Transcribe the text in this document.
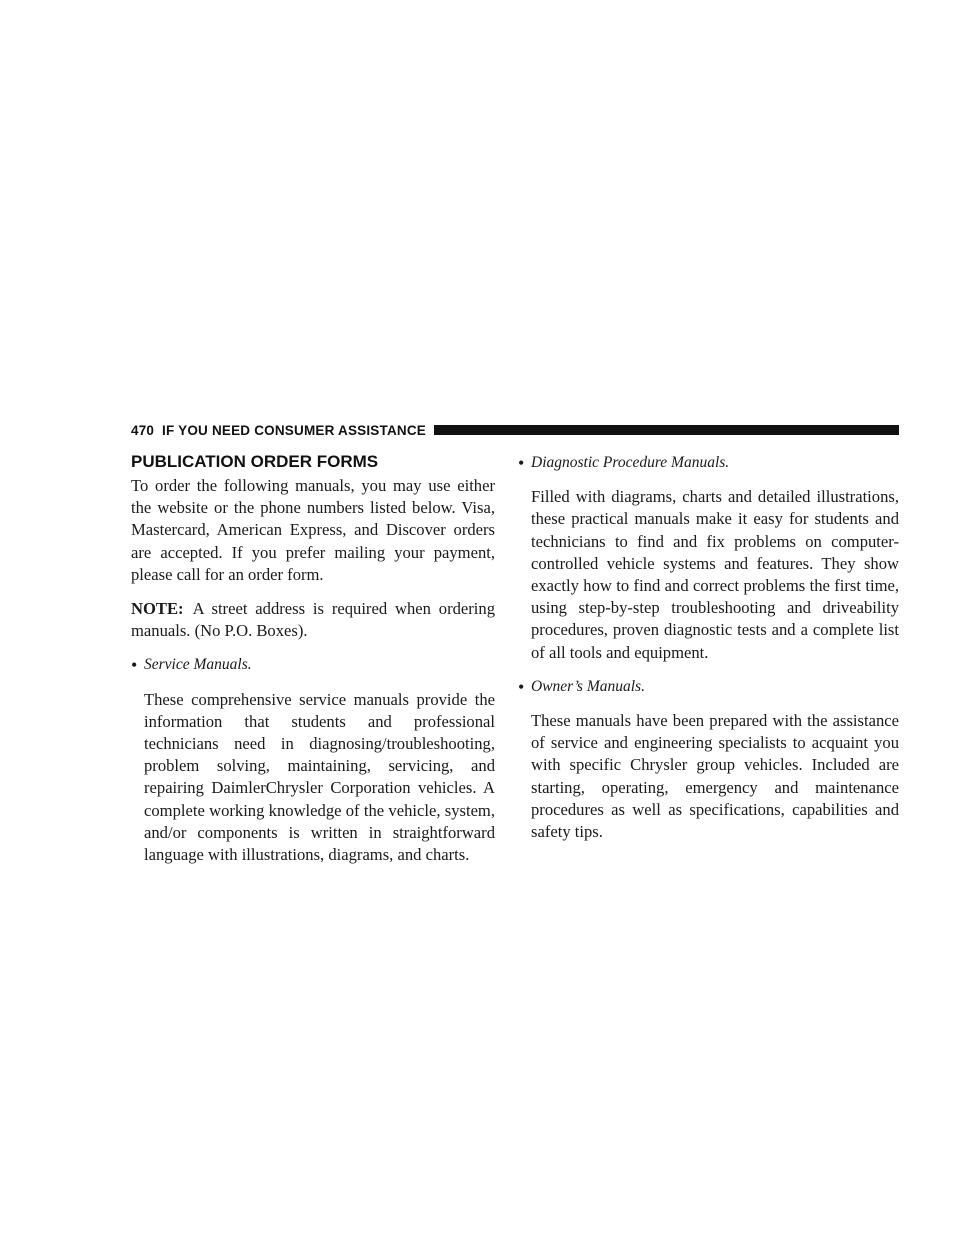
470 IF YOU NEED CONSUMER ASSISTANCE
PUBLICATION ORDER FORMS

To order the following manuals, you may use either the website or the phone numbers listed below. Visa, Mastercard, American Express, and Discover orders are accepted. If you prefer mailing your payment, please call for an order form.

NOTE: A street address is required when ordering manuals. (No P.O. Boxes).

• Service Manuals.

These comprehensive service manuals provide the information that students and professional technicians need in diagnosing/troubleshooting, problem solving, maintaining, servicing, and repairing DaimlerChrysler Corporation vehicles. A complete working knowledge of the vehicle, system, and/or components is written in straightforward language with illustrations, diagrams, and charts.

• Diagnostic Procedure Manuals.

Filled with diagrams, charts and detailed illustrations, these practical manuals make it easy for students and technicians to find and fix problems on computer-controlled vehicle systems and features. They show exactly how to find and correct problems the first time, using step-by-step troubleshooting and driveability procedures, proven diagnostic tests and a complete list of all tools and equipment.

• Owner’s Manuals.

These manuals have been prepared with the assistance of service and engineering specialists to acquaint you with specific Chrysler group vehicles. Included are starting, operating, emergency and maintenance procedures as well as specifications, capabilities and safety tips.
